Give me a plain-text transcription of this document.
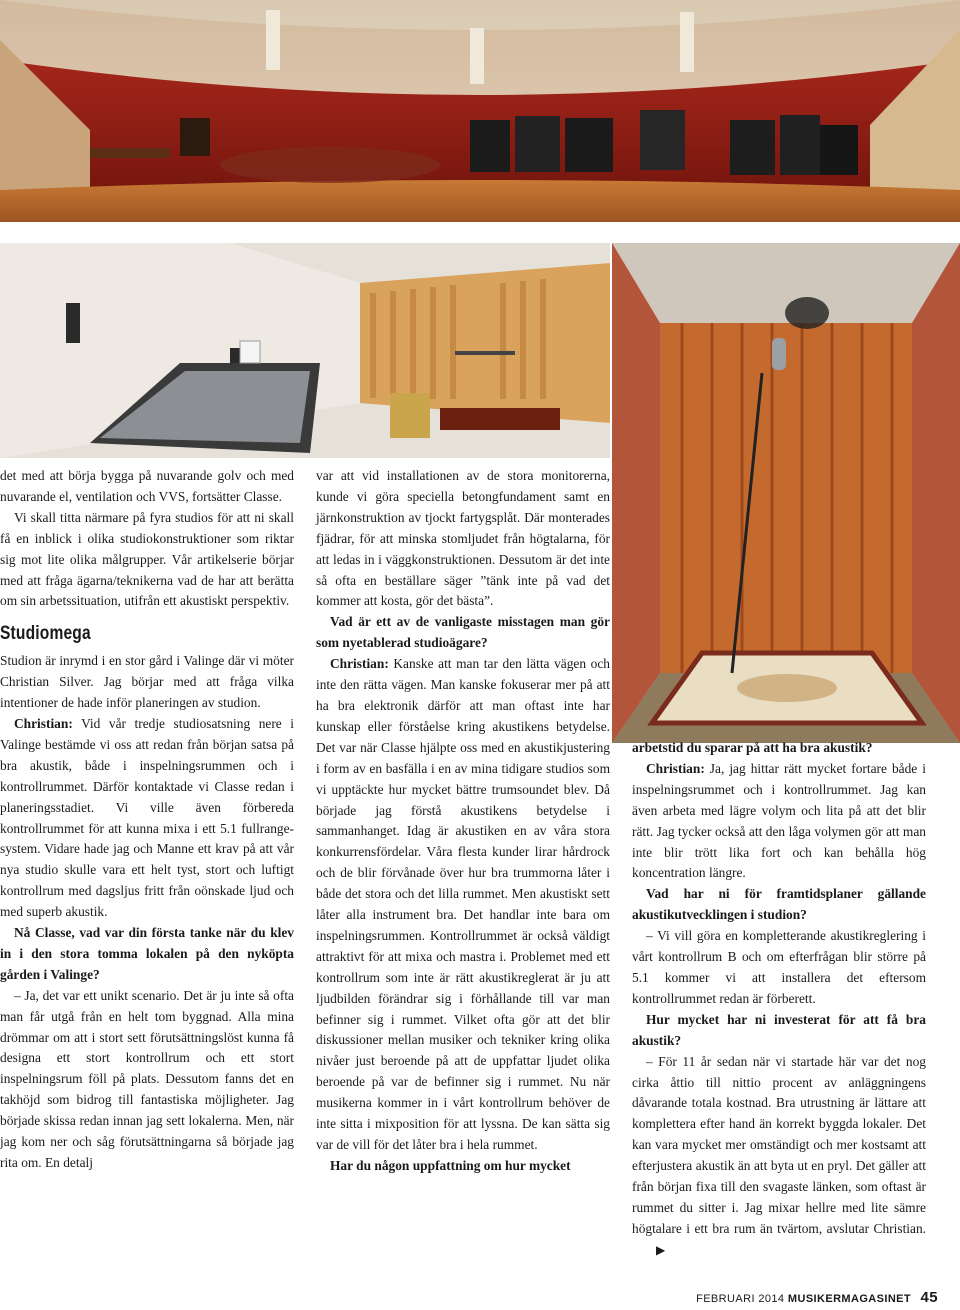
det med att börja bygga på nuvarande golv och med nuvarande el, ventilation och VVS, fortsätter Classe.

Vi skall titta närmare på fyra studios för att ni skall få en inblick i olika studiokonstruktioner som riktar sig mot lite olika målgrupper. Vår artikelserie börjar med att fråga ägarna/teknikerna vad de har att berätta om sin arbetssituation, utifrån ett akustiskt perspektiv.

Studiomega

Studion är inrymd i en stor gård i Valinge där vi möter Christian Silver. Jag börjar med att fråga vilka intentioner de hade inför planeringen av studion.

Christian: Vid vår tredje studiosatsning nere i Valinge bestämde vi oss att redan från början satsa på bra akustik, både i inspelningsrummen och i kontrollrummet. Därför kontaktade vi Classe redan i planeringsstadiet. Vi ville även förbereda kontrollrummet för att kunna mixa i ett 5.1 fullrange-system. Vidare hade jag och Manne ett krav på att vår nya studio skulle vara ett helt tyst, stort och luftigt kontrollrum med dagsljus fritt från oönskade ljud och med superb akustik.

Nå Classe, vad var din första tanke när du klev in i den stora tomma lokalen på den nyköpta gården i Valinge?

– Ja, det var ett unikt scenario. Det är ju inte så ofta man får utgå från en helt tom byggnad. Alla mina drömmar om att i stort sett förutsättningslöst kunna få designa ett stort kontrollrum och ett stort inspelningsrum föll på plats. Dessutom fanns det en takhöjd som bidrog till fantastiska möjligheter. Jag började skissa redan innan jag sett lokalerna. Men, när jag kom ner och såg förutsättningarna så började jag rita om. En detalj

var att vid installationen av de stora monitorerna, kunde vi göra speciella betongfundament samt en järnkonstruktion av tjockt fartygsplåt. Där monterades fjädrar, för att minska stomljudet från högtalarna, för att ledas in i väggkonstruktionen. Dessutom är det inte så ofta en beställare säger ”tänk inte på vad det kommer att kosta, gör det bästa”.

Vad är ett av de vanligaste misstagen man gör som nyetablerad studioägare?

Christian: Kanske att man tar den lätta vägen och inte den rätta vägen. Man kanske fokuserar mer på att ha bra elektronik därför att man oftast inte har kunskap eller förståelse kring akustikens betydelse. Det var när Classe hjälpte oss med en akustikjustering i form av en basfälla i en av mina tidigare studios som vi upptäckte hur mycket bättre trumsoundet blev. Då började jag förstå akustikens betydelse i sammanhanget. Idag är akustiken en av våra stora konkurrensfördelar. Våra flesta kunder lirar hårdrock och de blir förvånade över hur bra trummorna låter i både det stora och det lilla rummet. Men akustiskt sett låter alla instrument bra. Det handlar inte bara om inspelningsrummen. Kontrollrummet är också väldigt attraktivt för att mixa och mastra i. Problemet med ett kontrollrum som inte är rätt akustikreglerat är ju att ljudbilden förändrar sig i förhållande till var man befinner sig i rummet. Vilket ofta gör att det blir diskussioner mellan musiker och tekniker kring olika nivåer just beroende på att de uppfattar ljudet olika beroende på var de befinner sig i rummet. Nu när musikerna kommer in i vårt kontrollrum behöver de inte sitta i mixposition för att lyssna. De kan sätta sig var de vill för det låter bra i hela rummet.

Har du någon uppfattning om hur mycket

arbetstid du sparar på att ha bra akustik?

Christian: Ja, jag hittar rätt mycket fortare både i inspelningsrummet och i kontrollrummet. Jag kan även arbeta med lägre volym och lita på att det blir rätt. Jag tycker också att den låga volymen gör att man inte blir trött lika fort och kan behålla hög koncentration längre.

Vad har ni för framtidsplaner gällande akustikutvecklingen i studion?

– Vi vill göra en kompletterande akustikreglering i vårt kontrollrum B och om efterfrågan blir större på 5.1 kommer vi att installera det eftersom kontrollrummet redan är förberett.

Hur mycket har ni investerat för att få bra akustik?

– För 11 år sedan när vi startade här var det nog cirka åttio till nittio procent av anläggningens dåvarande totala kostnad. Bra utrustning är lättare att komplettera efter hand än korrekt byggda lokaler. Det kan vara mycket mer omständigt och mer kostsamt att efterjustera akustik än att byta ut en pryl. Det gäller att från början fixa till den svagaste länken, som oftast är rummet du sitter i. Jag mixar hellre med lite sämre högtalare i ett bra rum än tvärtom, avslutar Christian.▶

FEBRUARI 2014 MUSIKERMAGASINET 45
